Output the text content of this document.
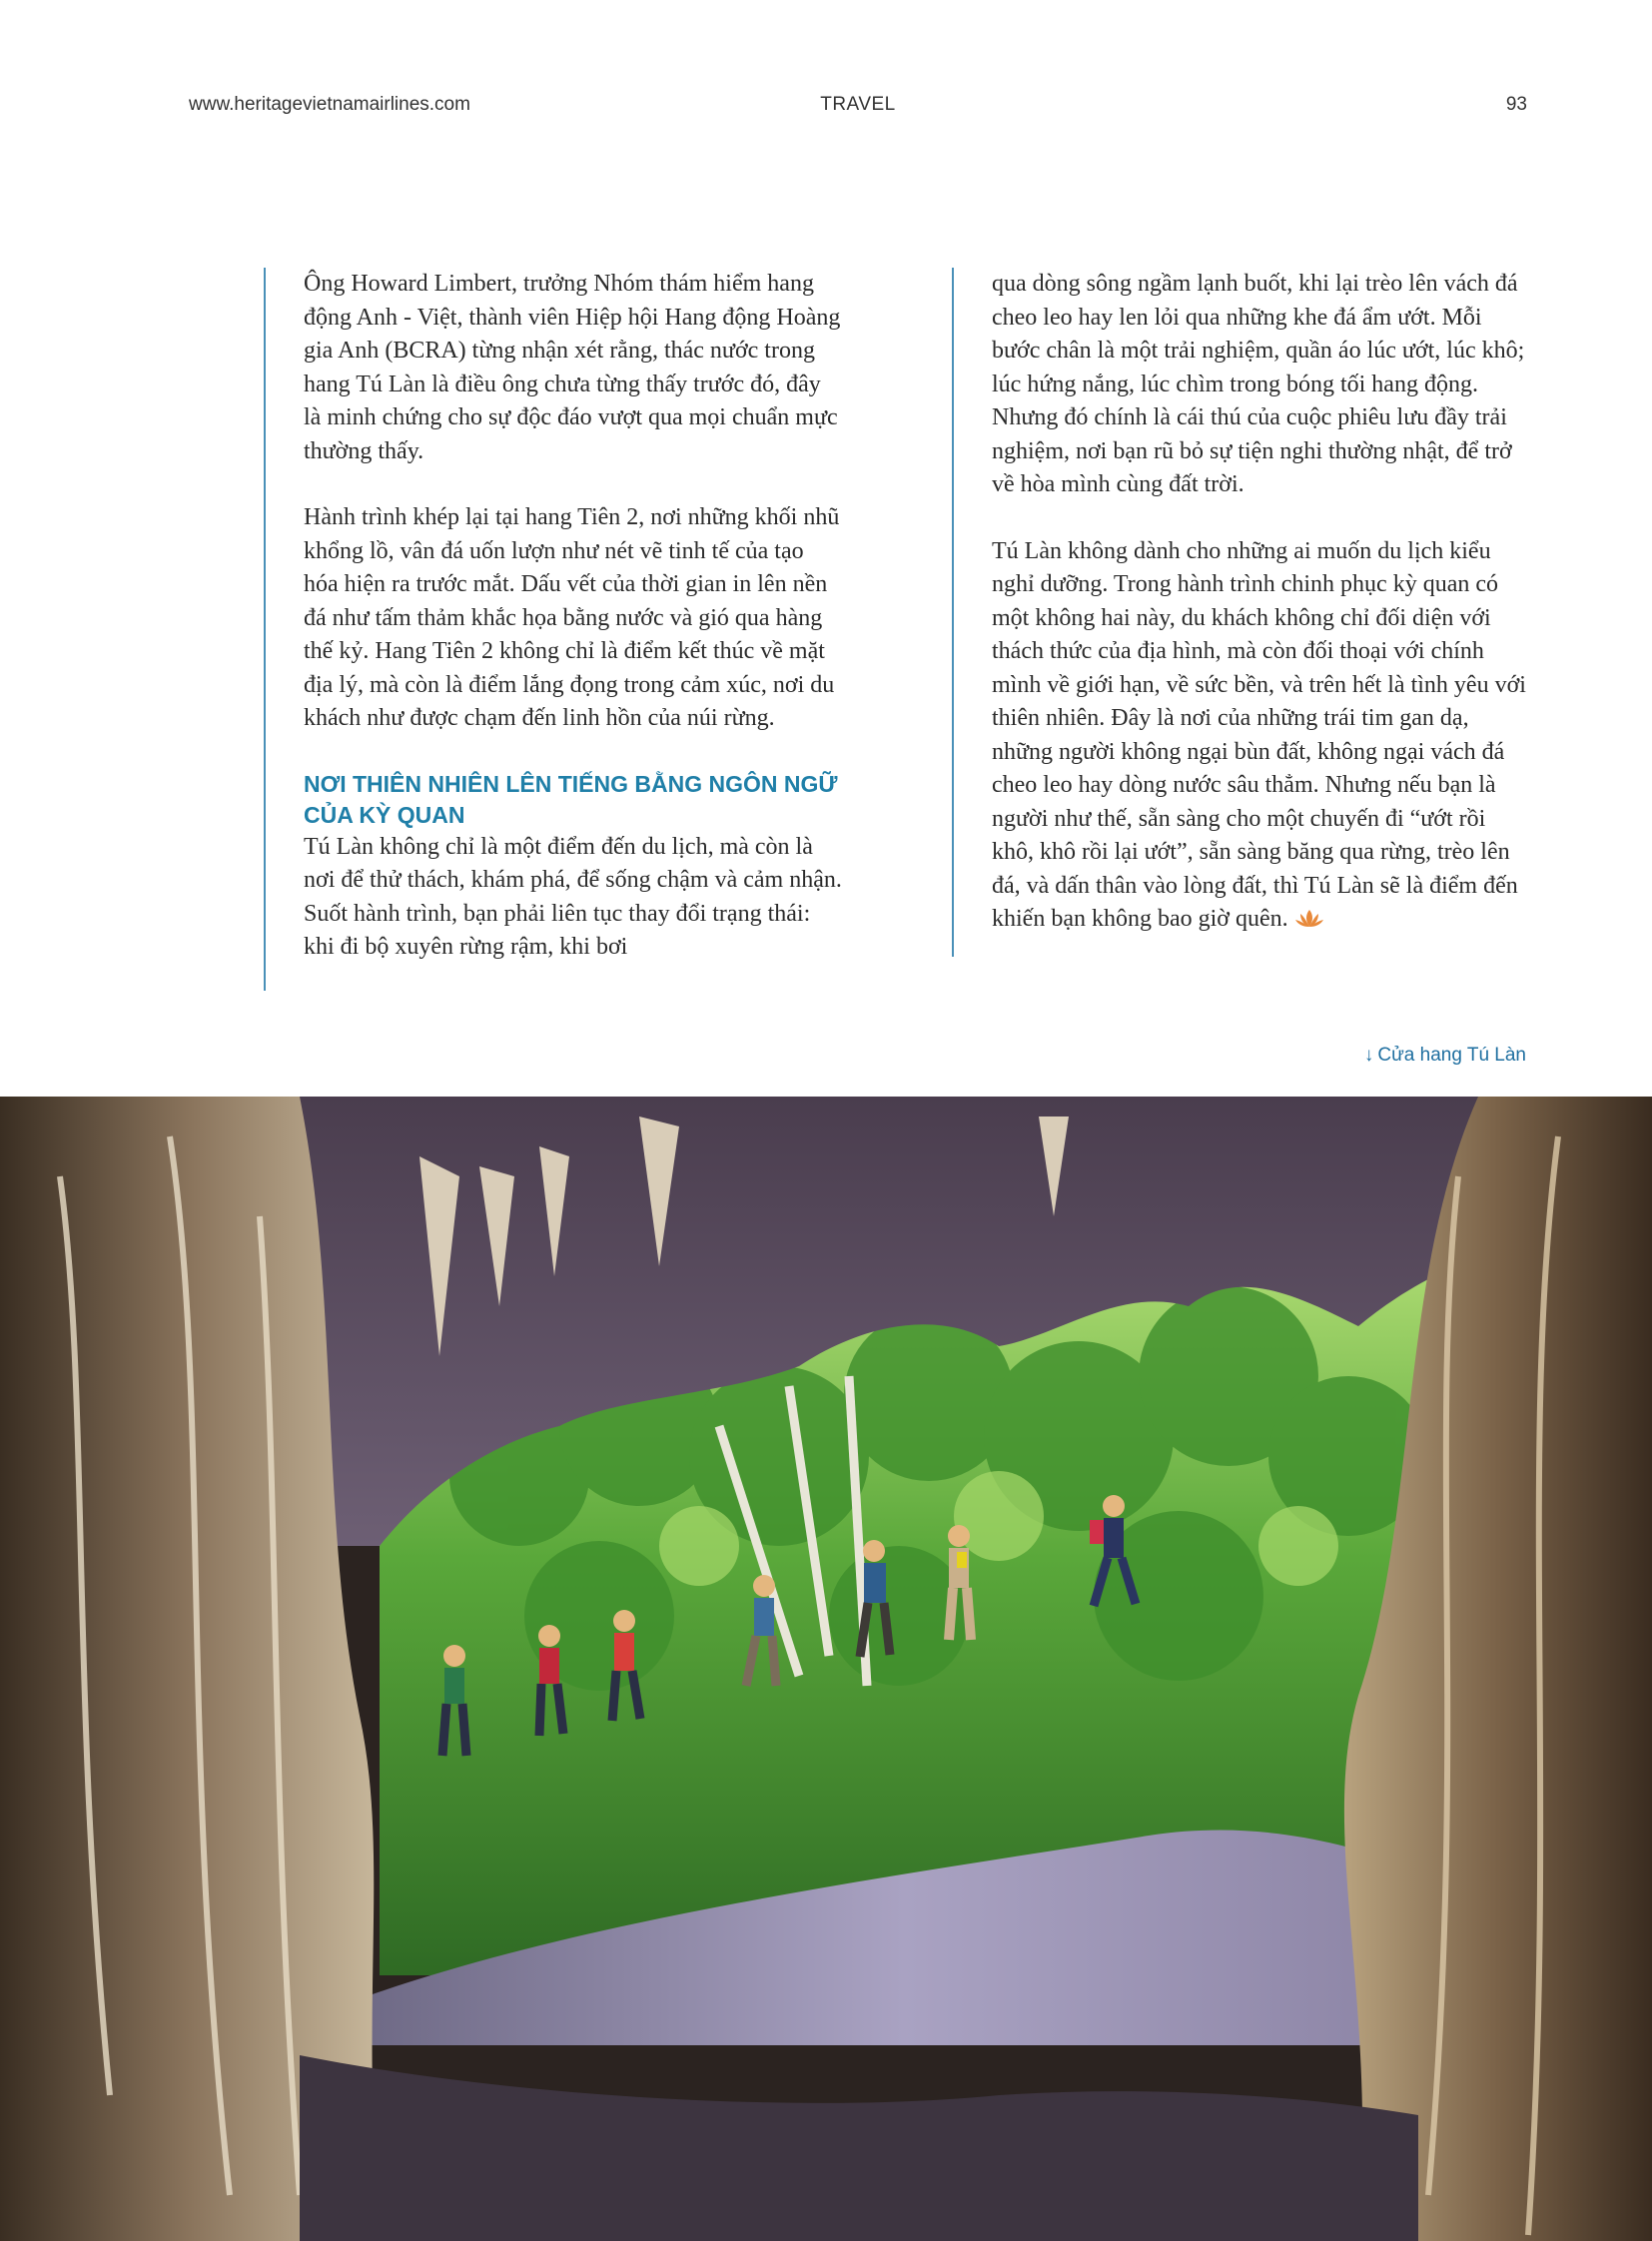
www.heritagevietnamairlines.com	TRAVEL	93

Ông Howard Limbert, trưởng Nhóm thám hiểm hang động Anh - Việt, thành viên Hiệp hội Hang động Hoàng gia Anh (BCRA) từng nhận xét rằng, thác nước trong hang Tú Làn là điều ông chưa từng thấy trước đó, đây là minh chứng cho sự độc đáo vượt qua mọi chuẩn mực thường thấy.

Hành trình khép lại tại hang Tiên 2, nơi những khối nhũ khổng lồ, vân đá uốn lượn như nét vẽ tinh tế của tạo hóa hiện ra trước mắt. Dấu vết của thời gian in lên nền đá như tấm thảm khắc họa bằng nước và gió qua hàng thế kỷ. Hang Tiên 2 không chỉ là điểm kết thúc về mặt địa lý, mà còn là điểm lắng đọng trong cảm xúc, nơi du khách như được chạm đến linh hồn của núi rừng.

NƠI THIÊN NHIÊN LÊN TIẾNG BẰNG NGÔN NGỮ CỦA KỲ QUAN

Tú Làn không chỉ là một điểm đến du lịch, mà còn là nơi để thử thách, khám phá, để sống chậm và cảm nhận. Suốt hành trình, bạn phải liên tục thay đổi trạng thái: khi đi bộ xuyên rừng rậm, khi bơi

qua dòng sông ngầm lạnh buốt, khi lại trèo lên vách đá cheo leo hay len lỏi qua những khe đá ẩm ướt. Mỗi bước chân là một trải nghiệm, quần áo lúc ướt, lúc khô; lúc hứng nắng, lúc chìm trong bóng tối hang động. Nhưng đó chính là cái thú của cuộc phiêu lưu đầy trải nghiệm, nơi bạn rũ bỏ sự tiện nghi thường nhật, để trở về hòa mình cùng đất trời.

Tú Làn không dành cho những ai muốn du lịch kiểu nghỉ dưỡng. Trong hành trình chinh phục kỳ quan có một không hai này, du khách không chỉ đối diện với thách thức của địa hình, mà còn đối thoại với chính mình về giới hạn, về sức bền, và trên hết là tình yêu với thiên nhiên. Đây là nơi của những trái tim gan dạ, những người không ngại bùn đất, không ngại vách đá cheo leo hay dòng nước sâu thẳm. Nhưng nếu bạn là người như thế, sẵn sàng cho một chuyến đi “ướt rồi khô, khô rồi lại ướt”, sẵn sàng băng qua rừng, trèo lên đá, và dấn thân vào lòng đất, thì Tú Làn sẽ là điểm đến khiến bạn không bao giờ quên.

↓ Cửa hang Tú Làn
